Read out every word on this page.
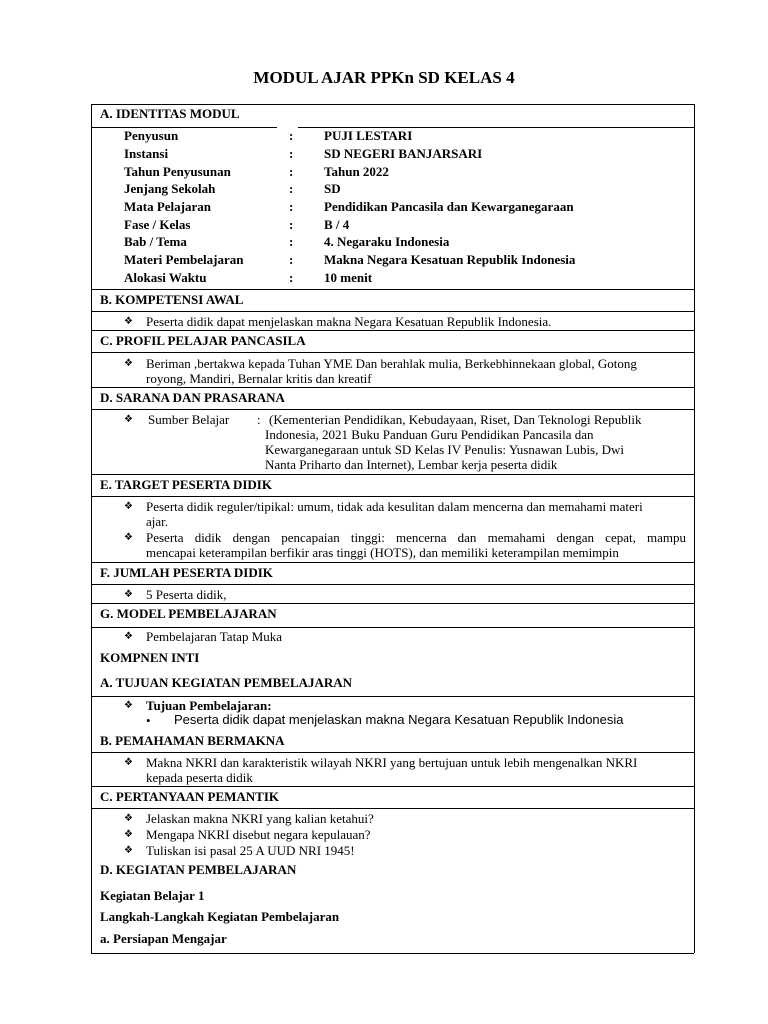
MODUL AJAR PPKn SD KELAS 4
A. IDENTITAS MODUL
Penyusun	: PUJI LESTARI
Instansi	: SD NEGERI BANJARSARI
Tahun Penyusunan	: Tahun 2022
Jenjang Sekolah	: SD
Mata Pelajaran	: Pendidikan Pancasila dan Kewarganegaraan
Fase / Kelas	: B / 4
Bab / Tema	: 4. Negaraku Indonesia
Materi Pembelajaran	: Makna Negara Kesatuan Republik Indonesia
Alokasi Waktu	: 10 menit
B. KOMPETENSI AWAL
❖ Peserta didik dapat menjelaskan makna Negara Kesatuan Republik Indonesia.
C. PROFIL PELAJAR PANCASILA
❖ Beriman ,bertakwa kepada Tuhan YME Dan berahlak mulia, Berkebhinnekaan global, Gotong
royong, Mandiri, Bernalar kritis dan kreatif
D. SARANA DAN PRASARANA
❖ Sumber Belajar : (Kementerian Pendidikan, Kebudayaan, Riset, Dan Teknologi Republik
Indonesia, 2021 Buku Panduan Guru Pendidikan Pancasila dan
Kewarganegaraan untuk SD Kelas IV Penulis: Yusnawan Lubis, Dwi
Nanta Priharto dan Internet), Lembar kerja peserta didik
E. TARGET PESERTA DIDIK
❖ Peserta didik reguler/tipikal: umum, tidak ada kesulitan dalam mencerna dan memahami materi
ajar.
❖ Peserta didik dengan pencapaian tinggi: mencerna dan memahami dengan cepat, mampu
mencapai keterampilan berfikir aras tinggi (HOTS), dan memiliki keterampilan memimpin
F. JUMLAH PESERTA DIDIK
❖ 5 Peserta didik,
G. MODEL PEMBELAJARAN
❖ Pembelajaran Tatap Muka
KOMPNEN INTI
A. TUJUAN KEGIATAN PEMBELAJARAN
❖ Tujuan Pembelajaran:
• Peserta didik dapat menjelaskan makna Negara Kesatuan Republik Indonesia
B. PEMAHAMAN BERMAKNA
❖ Makna NKRI dan karakteristik wilayah NKRI yang bertujuan untuk lebih mengenalkan NKRI
kepada peserta didik
C. PERTANYAAN PEMANTIK
❖ Jelaskan makna NKRI yang kalian ketahui?
❖ Mengapa NKRI disebut negara kepulauan?
❖ Tuliskan isi pasal 25 A UUD NRI 1945!
D. KEGIATAN PEMBELAJARAN
Kegiatan Belajar 1
Langkah-Langkah Kegiatan Pembelajaran
a. Persiapan Mengajar
